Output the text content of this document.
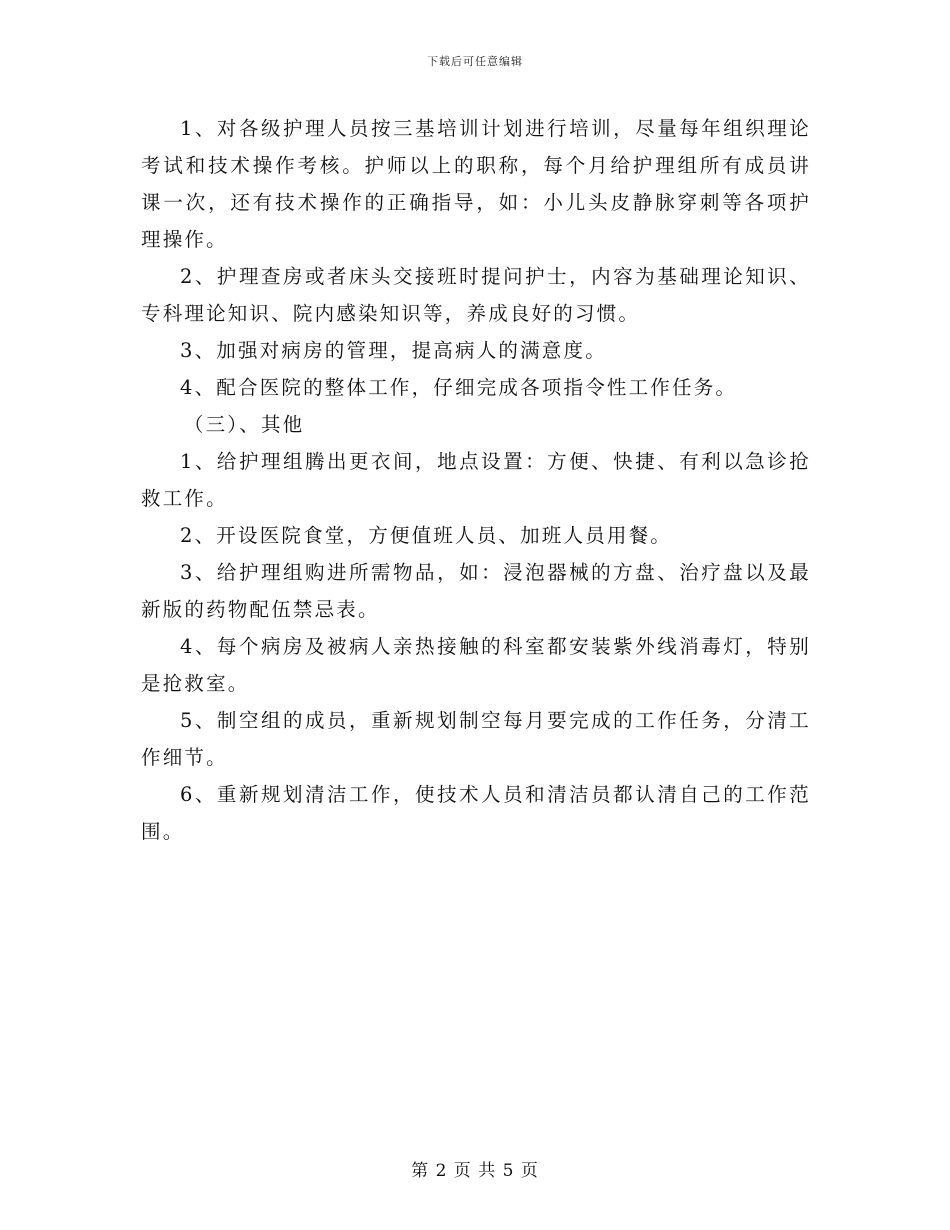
下载后可任意编辑

1、对各级护理人员按三基培训计划进行培训，尽量每年组织理论考试和技术操作考核。护师以上的职称，每个月给护理组所有成员讲课一次，还有技术操作的正确指导，如：小儿头皮静脉穿刺等各项护理操作。

2、护理查房或者床头交接班时提问护士，内容为基础理论知识、专科理论知识、院内感染知识等，养成良好的习惯。

3、加强对病房的管理，提高病人的满意度。

4、配合医院的整体工作，仔细完成各项指令性工作任务。

（三）、其他

1、给护理组腾出更衣间，地点设置：方便、快捷、有利以急诊抢救工作。

2、开设医院食堂，方便值班人员、加班人员用餐。

3、给护理组购进所需物品，如：浸泡器械的方盘、治疗盘以及最新版的药物配伍禁忌表。

4、每个病房及被病人亲热接触的科室都安装紫外线消毒灯，特别是抢救室。

5、制空组的成员，重新规划制空每月要完成的工作任务，分清工作细节。

6、重新规划清洁工作，使技术人员和清洁员都认清自己的工作范围。

第 2 页 共 5 页
